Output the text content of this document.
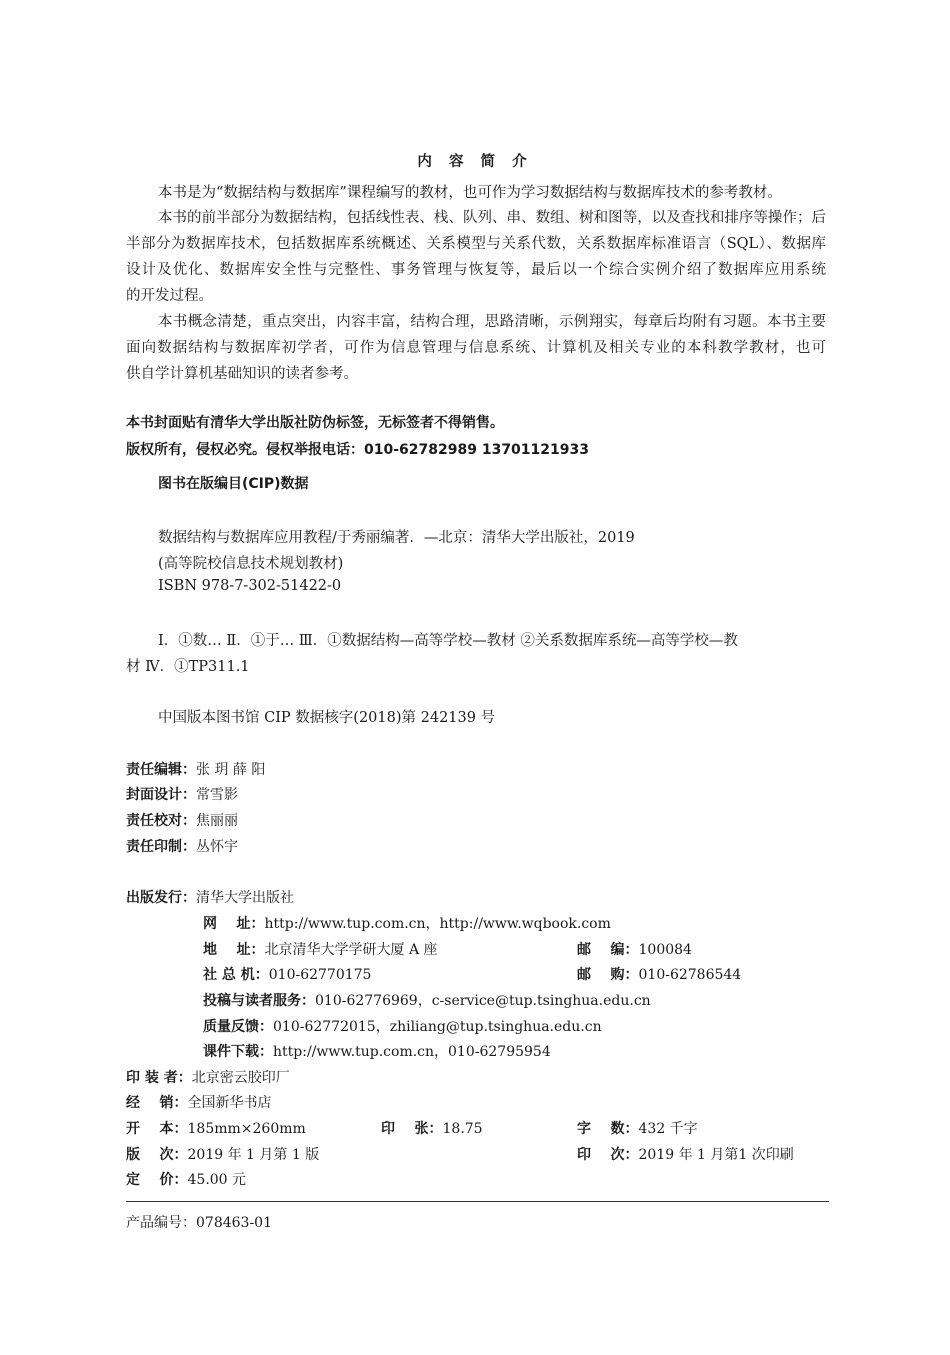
内 容 简 介
本书是为“数据结构与数据库”课程编写的教材，也可作为学习数据结构与数据库技术的参考教材。
本书的前半部分为数据结构，包括线性表、栈、队列、串、数组、树和图等，以及查找和排序等操作；后
半部分为数据库技术，包括数据库系统概述、关系模型与关系代数，关系数据库标准语言（SQL）、数据库
设计及优化、数据库安全性与完整性、事务管理与恢复等，最后以一个综合实例介绍了数据库应用系统
的开发过程。
本书概念清楚，重点突出，内容丰富，结构合理，思路清晰，示例翔实，每章后均附有习题。本书主要
面向数据结构与数据库初学者，可作为信息管理与信息系统、计算机及相关专业的本科教学教材，也可
供自学计算机基础知识的读者参考。
本书封面贴有清华大学出版社防伪标签，无标签者不得销售。
版权所有，侵权必究。侵权举报电话：010-62782989 13701121933
图书在版编目(CIP)数据
数据结构与数据库应用教程/于秀丽编著．—北京：清华大学出版社，2019
(高等院校信息技术规划教材)
ISBN 978-7-302-51422-0
Ⅰ．①数… Ⅱ．①于… Ⅲ．①数据结构—高等学校—教材 ②关系数据库系统—高等学校—教
材 Ⅳ．①TP311.1
中国版本图书馆 CIP 数据核字(2018)第 242139 号
责任编辑：张 玥 薛 阳
封面设计：常雪影
责任校对：焦丽丽
责任印制：丛怀宇
出版发行：清华大学出版社
网    址：http://www.tup.com.cn，http://www.wqbook.com
地    址：北京清华大学学研大厦 A 座	邮    编：100084
社 总 机：010-62770175	邮    购：010-62786544
投稿与读者服务：010-62776969，c-service@tup.tsinghua.edu.cn
质量反馈：010-62772015，zhiliang@tup.tsinghua.edu.cn
课件下载：http://www.tup.com.cn，010-62795954
印 装 者：北京密云胶印厂
经    销：全国新华书店
开    本：185mm×260mm	印    张：18.75	字    数：432 千字
版    次：2019 年 1 月第 1 版	印    次：2019 年 1 月第1 次印刷
定    价：45.00 元
产品编号：078463-01
